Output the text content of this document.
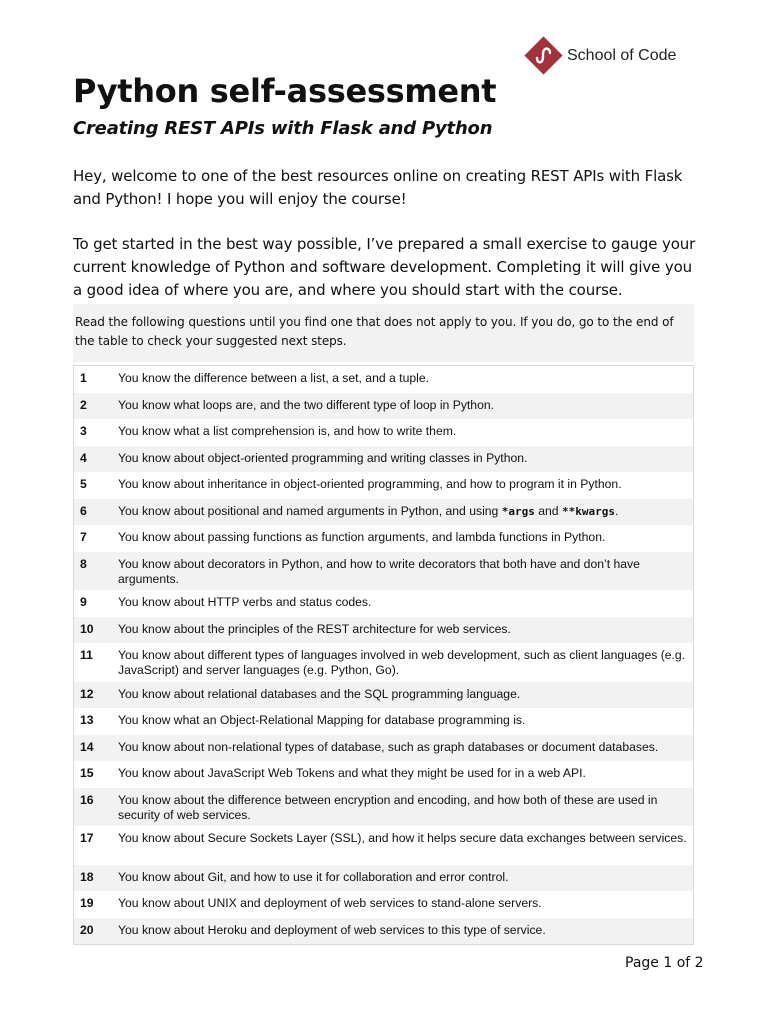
School of Code
Python self-assessment
Creating REST APIs with Flask and Python

Hey, welcome to one of the best resources online on creating REST APIs with Flask and Python! I hope you will enjoy the course!

To get started in the best way possible, I’ve prepared a small exercise to gauge your current knowledge of Python and software development. Completing it will give you a good idea of where you are, and where you should start with the course.

Read the following questions until you find one that does not apply to you. If you do, go to the end of the table to check your suggested next steps.
1	You know the difference between a list, a set, and a tuple.
2	You know what loops are, and the two different type of loop in Python.
3	You know what a list comprehension is, and how to write them.
4	You know about object-oriented programming and writing classes in Python.
5	You know about inheritance in object-oriented programming, and how to program it in Python.
6	You know about positional and named arguments in Python, and using *args and **kwargs.
7	You know about passing functions as function arguments, and lambda functions in Python.
8	You know about decorators in Python, and how to write decorators that both have and don’t have arguments.
9	You know about HTTP verbs and status codes.
10	You know about the principles of the REST architecture for web services.
11	You know about different types of languages involved in web development, such as client languages (e.g. JavaScript) and server languages (e.g. Python, Go).
12	You know about relational databases and the SQL programming language.
13	You know what an Object-Relational Mapping for database programming is.
14	You know about non-relational types of database, such as graph databases or document databases.
15	You know about JavaScript Web Tokens and what they might be used for in a web API.
16	You know about the difference between encryption and encoding, and how both of these are used in security of web services.
17	You know about Secure Sockets Layer (SSL), and how it helps secure data exchanges between services.
18	You know about Git, and how to use it for collaboration and error control.
19	You know about UNIX and deployment of web services to stand-alone servers.
20	You know about Heroku and deployment of web services to this type of service.
Page 1 of 2
